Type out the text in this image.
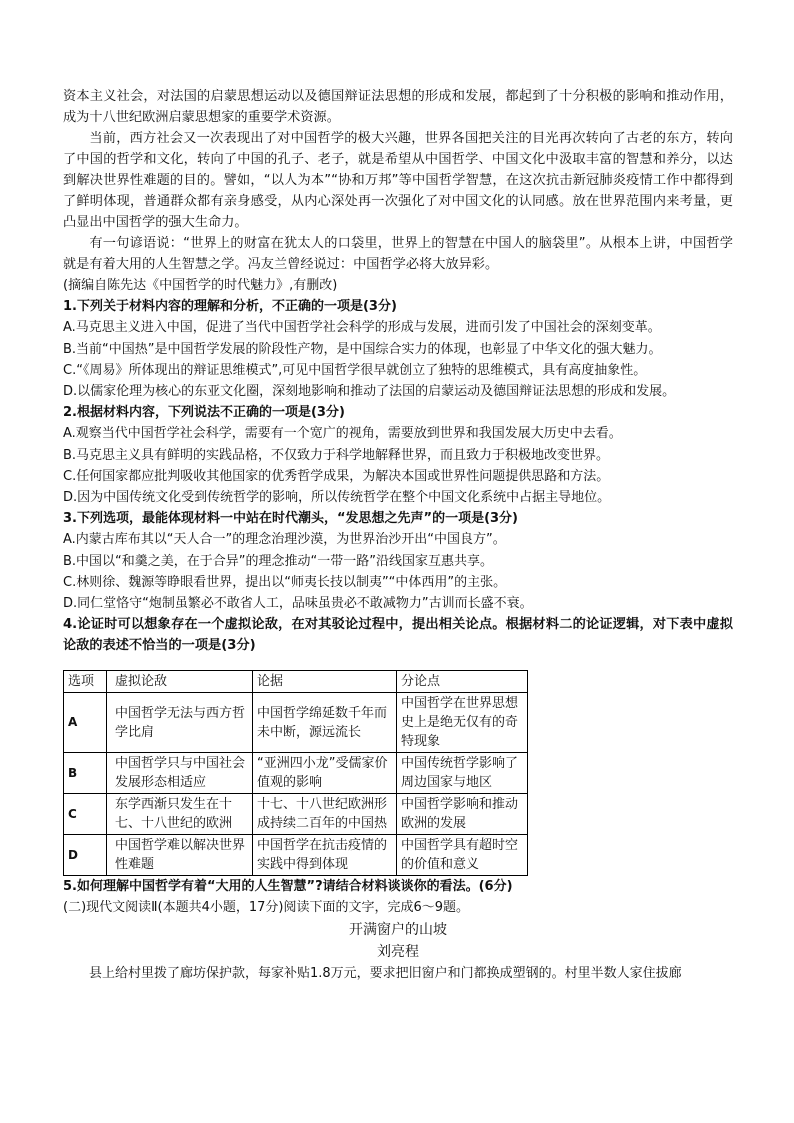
资本主义社会，对法国的启蒙思想运动以及德国辩证法思想的形成和发展，都起到了十分积极的影响和推动作用，成为十八世纪欧洲启蒙思想家的重要学术资源。

当前，西方社会又一次表现出了对中国哲学的极大兴趣，世界各国把关注的目光再次转向了古老的东方，转向了中国的哲学和文化，转向了中国的孔子、老子，就是希望从中国哲学、中国文化中汲取丰富的智慧和养分，以达到解决世界性难题的目的。譬如，“以人为本”“协和万邦”等中国哲学智慧，在这次抗击新冠肺炎疫情工作中都得到了鲜明体现，普通群众都有亲身感受，从内心深处再一次强化了对中国文化的认同感。放在世界范围内来考量，更凸显出中国哲学的强大生命力。

有一句谚语说：“世界上的财富在犹太人的口袋里，世界上的智慧在中国人的脑袋里”。从根本上讲，中国哲学就是有着大用的人生智慧之学。冯友兰曾经说过：中国哲学必将大放异彩。

(摘编自陈先达《中国哲学的时代魅力》,有删改)

1.下列关于材料内容的理解和分析，不正确的一项是(3分)

A.马克思主义进入中国，促进了当代中国哲学社会科学的形成与发展，进而引发了中国社会的深刻变革。

B.当前“中国热”是中国哲学发展的阶段性产物，是中国综合实力的体现，也彰显了中华文化的强大魅力。

C.“《周易》所体现出的辩证思维模式”,可见中国哲学很早就创立了独特的思维模式，具有高度抽象性。

D.以儒家伦理为核心的东亚文化圈，深刻地影响和推动了法国的启蒙运动及德国辩证法思想的形成和发展。

2.根据材料内容，下列说法不正确的一项是(3分)

A.观察当代中国哲学社会科学，需要有一个宽广的视角，需要放到世界和我国发展大历史中去看。

B.马克思主义具有鲜明的实践品格，不仅致力于科学地解释世界，而且致力于积极地改变世界。

C.任何国家都应批判吸收其他国家的优秀哲学成果，为解决本国或世界性问题提供思路和方法。

D.因为中国传统文化受到传统哲学的影响，所以传统哲学在整个中国文化系统中占据主导地位。

3.下列选项，最能体现材料一中站在时代潮头，“发思想之先声”的一项是(3分)

A.内蒙古库布其以“天人合一”的理念治理沙漠，为世界治沙开出“中国良方”。

B.中国以“和羹之美，在于合异”的理念推动“一带一路”沿线国家互惠共享。

C.林则徐、魏源等睁眼看世界，提出以“师夷长技以制夷”“中体西用”的主张。

D.同仁堂恪守“炮制虽繁必不敢省人工，品味虽贵必不敢减物力”古训而长盛不衰。

4.论证时可以想象存在一个虚拟论敌，在对其驳论过程中，提出相关论点。根据材料二的论证逻辑，对下表中虚拟论敌的表述不恰当的一项是(3分)

选项	虚拟论敌	论据	分论点
A	中国哲学无法与西方哲学比肩	中国哲学绵延数千年而未中断，源远流长	中国哲学在世界思想史上是绝无仅有的奇特现象
B	中国哲学只与中国社会发展形态相适应	“亚洲四小龙”受儒家价值观的影响	中国传统哲学影响了周边国家与地区
C	东学西渐只发生在十七、十八世纪的欧洲	十七、十八世纪欧洲形成持续二百年的中国热	中国哲学影响和推动欧洲的发展
D	中国哲学难以解决世界性难题	中国哲学在抗击疫情的实践中得到体现	中国哲学具有超时空的价值和意义

5.如何理解中国哲学有着“大用的人生智慧”?请结合材料谈谈你的看法。(6分)

(二)现代文阅读Ⅱ(本题共4小题，17分)阅读下面的文字，完成6～9题。

开满窗户的山坡

刘亮程

县上给村里拨了廊坊保护款，每家补贴1.8万元，要求把旧窗户和门都换成塑钢的。村里半数人家住拔廊
